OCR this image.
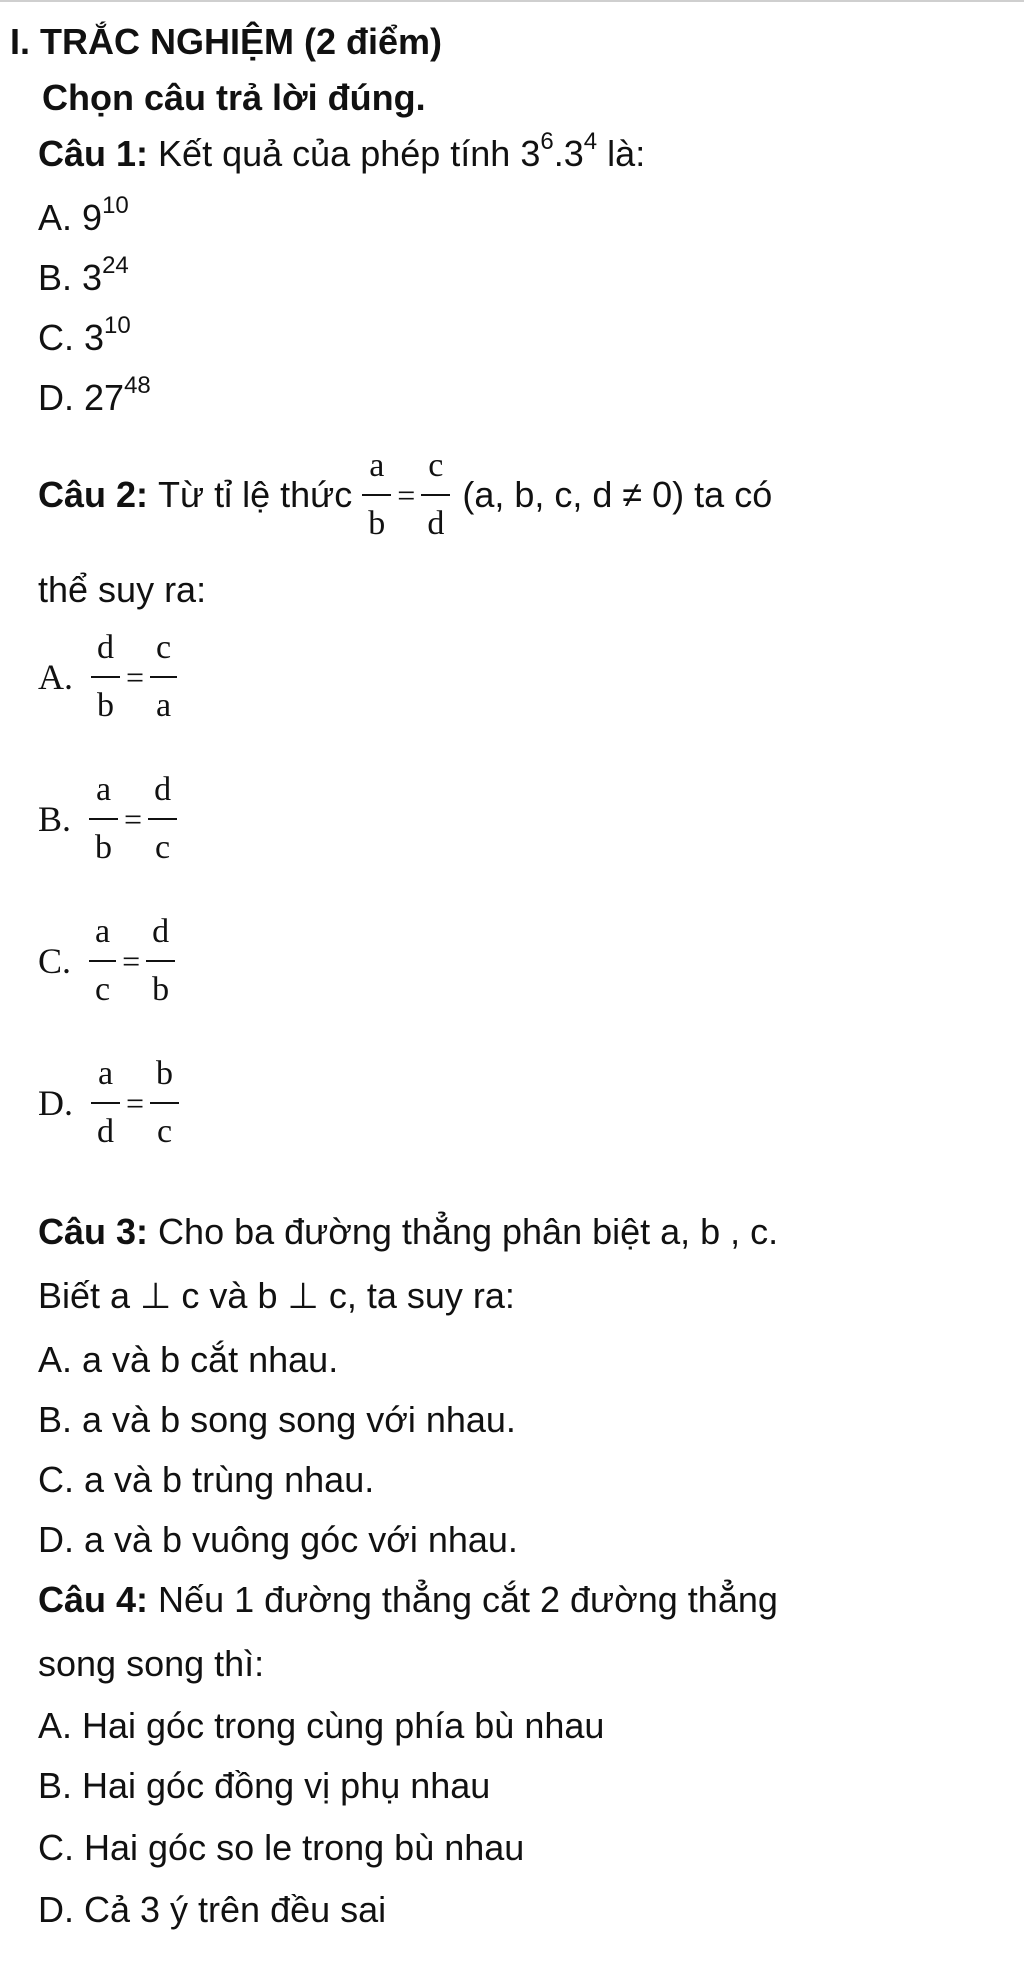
I. TRẮC NGHIỆM (2 điểm)
Chọn câu trả lời đúng.
Câu 1: Kết quả của phép tính $3^6.3^4$ là:
A. $9^{10}$
B. $3^{24}$
C. $3^{10}$
D. $27^{48}$
Câu 2: Từ tỉ lệ thức $\frac{a}{b} = \frac{c}{d} (a$, b, c, d ≠ 0) ta có
thể suy ra:
A. $\frac{d}{b} = \frac{c}{a}$
B. $\frac{a}{b} = \frac{d}{c}$
C. $\frac{a}{c} = \frac{d}{b}$
D. $\frac{a}{d} = \frac{b}{c}$
Câu 3: Cho ba đường thẳng phân biệt a, b , c.
Biết a ⊥ c và b ⊥ c, ta suy ra:
A. a và b cắt nhau.
B. a và b song song với nhau.
C. a và b trùng nhau.
D. a và b vuông góc với nhau.
Câu 4: Nếu 1 đường thẳng cắt 2 đường thẳng
song song thì:
A. Hai góc trong cùng phía bù nhau
B. Hai góc đồng vị phụ nhau
C. Hai góc so le trong bù nhau
D. Cả 3 ý trên đều sai
